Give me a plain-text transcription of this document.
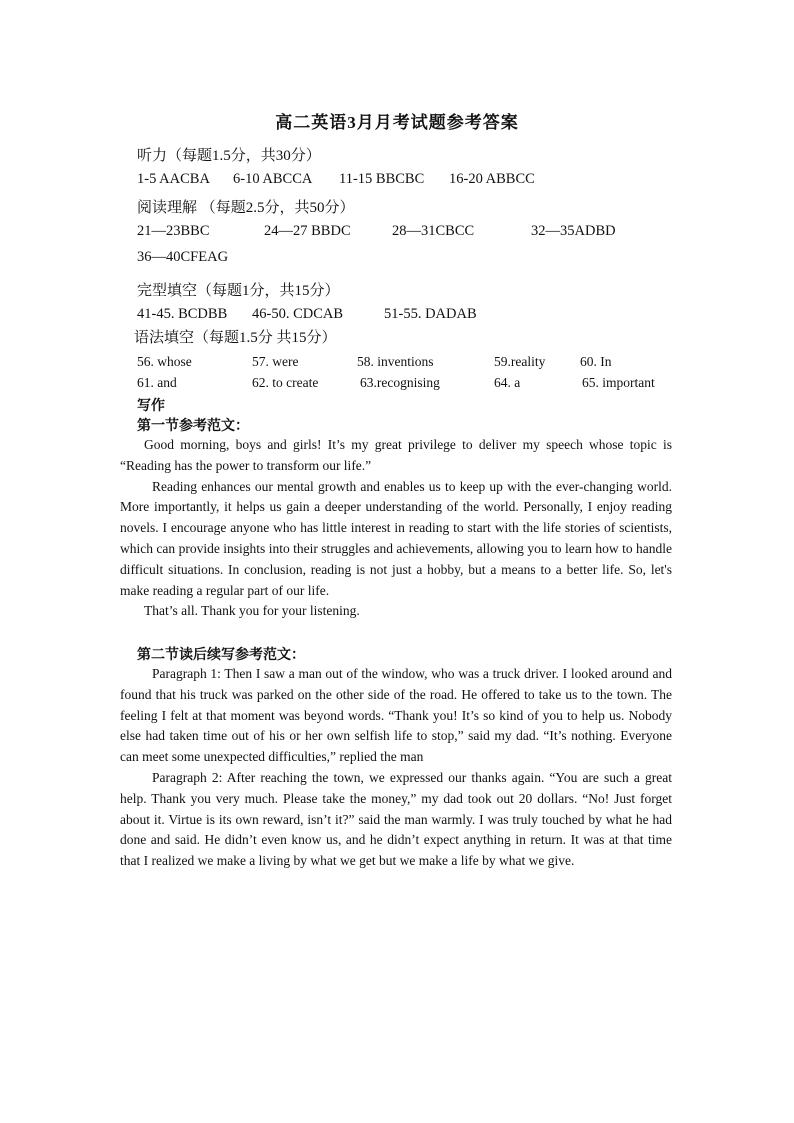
高二英语3月月考试题参考答案
听力（每题1.5分，共30分）
1-5 AACBA 6-10 ABCCA 11-15 BBCBC 16-20 ABBCC
阅读理解 （每题2.5分，共50分）
21—23BBC	24—27 BBDC	28—31CBCC	32—35ADBD
36—40CFEAG
完型填空（每题1分，共15分）
41-45. BCDBB 46-50. CDCAB	51-55. DADAB
语法填空（每题1.5分 共15分）
56. whose	57. were	58. inventions	59.reality	60. In
61. and	62. to create	63.recognising	64. a	65. important
写作
第一节参考范文：

Good morning, boys and girls! It’s my great privilege to deliver my speech whose topic is “Reading has the power to transform our life.”

Reading enhances our mental growth and enables us to keep up with the ever-changing world. More importantly, it helps us gain a deeper understanding of the world. Personally, I enjoy reading novels. I encourage anyone who has little interest in reading to start with the life stories of scientists, which can provide insights into their struggles and achievements, allowing you to learn how to handle difficult situations. In conclusion, reading is not just a hobby, but a means to a better life. So, let's make reading a regular part of our life.

That’s all. Thank you for your listening.

第二节读后续写参考范文：

Paragraph 1: Then I saw a man out of the window, who was a truck driver. I looked around and found that his truck was parked on the other side of the road. He offered to take us to the town. The feeling I felt at that moment was beyond words. “Thank you! It’s so kind of you to help us. Nobody else had taken time out of his or her own selfish life to stop,” said my dad. “It’s nothing. Everyone can meet some unexpected difficulties,” replied the man

Paragraph 2: After reaching the town, we expressed our thanks again. “You are such a great help. Thank you very much. Please take the money,” my dad took out 20 dollars. “No! Just forget about it. Virtue is its own reward, isn’t it?” said the man warmly. I was truly touched by what he had done and said. He didn’t even know us, and he didn’t expect anything in return. It was at that time that I realized we make a living by what we get but we make a life by what we give.
